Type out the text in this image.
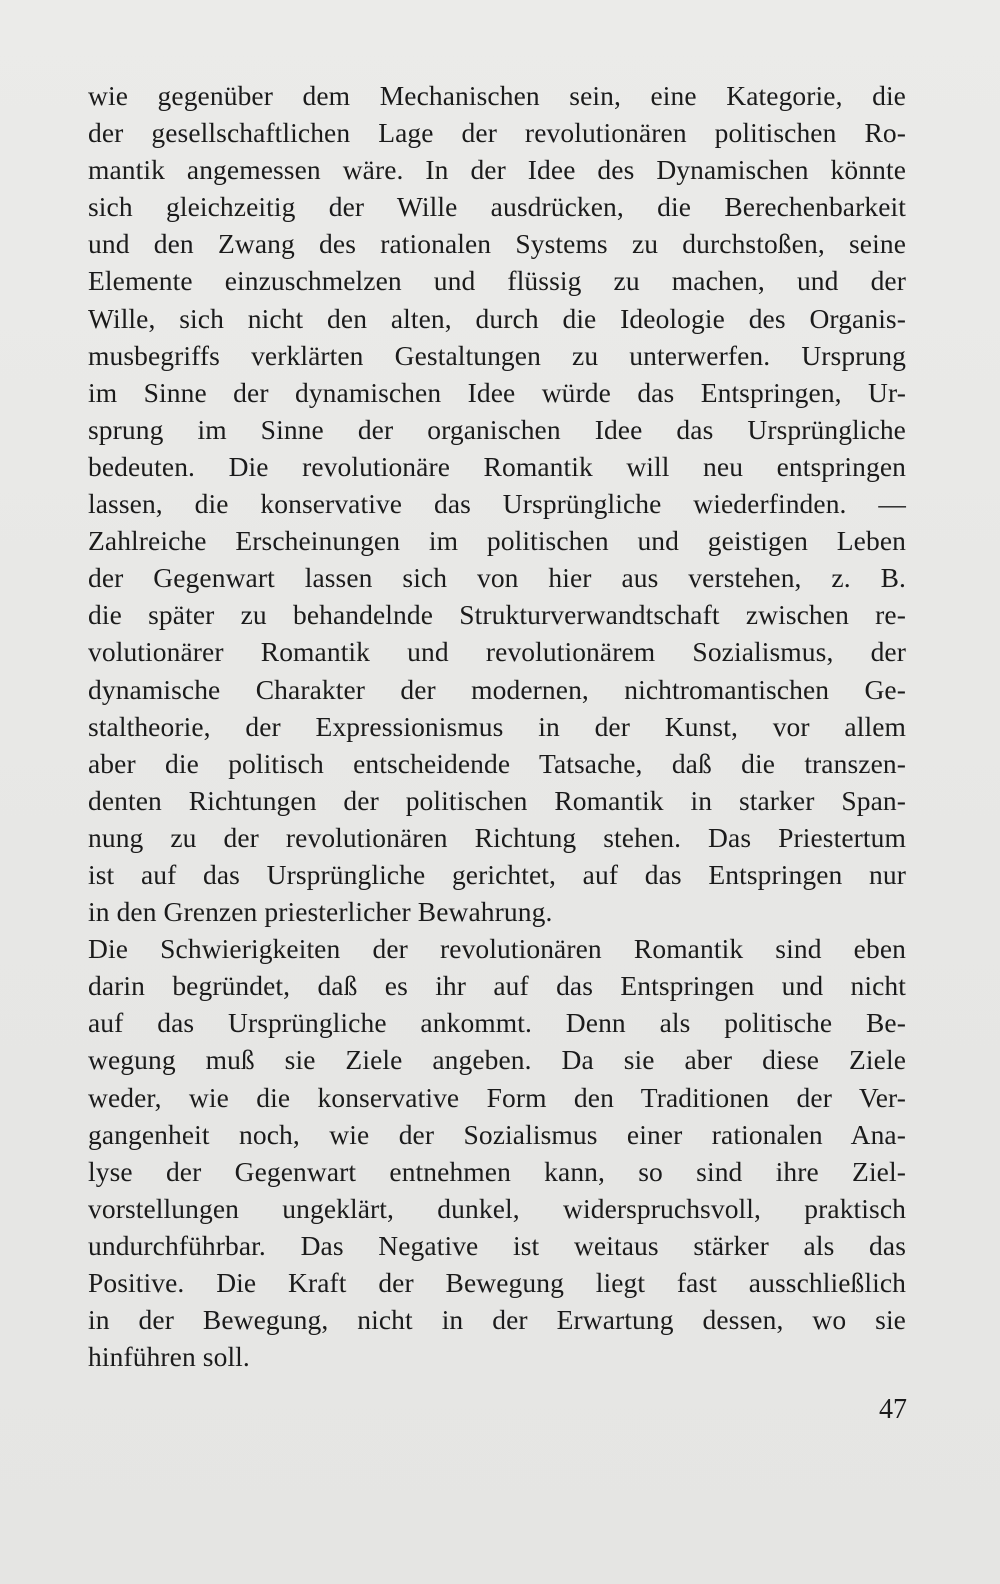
wie gegenüber dem Mechanischen sein, eine Kategorie, die
der gesellschaftlichen Lage der revolutionären politischen Ro-
mantik angemessen wäre. In der Idee des Dynamischen könnte
sich gleichzeitig der Wille ausdrücken, die Berechenbarkeit
und den Zwang des rationalen Systems zu durchstoßen, seine
Elemente einzuschmelzen und flüssig zu machen, und der
Wille, sich nicht den alten, durch die Ideologie des Organis-
musbegriffs verklärten Gestaltungen zu unterwerfen. Ursprung
im Sinne der dynamischen Idee würde das Entspringen, Ur-
sprung im Sinne der organischen Idee das Ursprüngliche
bedeuten. Die revolutionäre Romantik will neu entspringen
lassen, die konservative das Ursprüngliche wiederfinden. —
Zahlreiche Erscheinungen im politischen und geistigen Leben
der Gegenwart lassen sich von hier aus verstehen, z. B.
die später zu behandelnde Strukturverwandtschaft zwischen re-
volutionärer Romantik und revolutionärem Sozialismus, der
dynamische Charakter der modernen, nichtromantischen Ge-
staltheorie, der Expressionismus in der Kunst, vor allem
aber die politisch entscheidende Tatsache, daß die transzen-
denten Richtungen der politischen Romantik in starker Span-
nung zu der revolutionären Richtung stehen. Das Priestertum
ist auf das Ursprüngliche gerichtet, auf das Entspringen nur
in den Grenzen priesterlicher Bewahrung.
Die Schwierigkeiten der revolutionären Romantik sind eben
darin begründet, daß es ihr auf das Entspringen und nicht
auf das Ursprüngliche ankommt. Denn als politische Be-
wegung muß sie Ziele angeben. Da sie aber diese Ziele
weder, wie die konservative Form den Traditionen der Ver-
gangenheit noch, wie der Sozialismus einer rationalen Ana-
lyse der Gegenwart entnehmen kann, so sind ihre Ziel-
vorstellungen ungeklärt, dunkel, widerspruchsvoll, praktisch
undurchführbar. Das Negative ist weitaus stärker als das
Positive. Die Kraft der Bewegung liegt fast ausschließlich
in der Bewegung, nicht in der Erwartung dessen, wo sie
hinführen soll.
47
